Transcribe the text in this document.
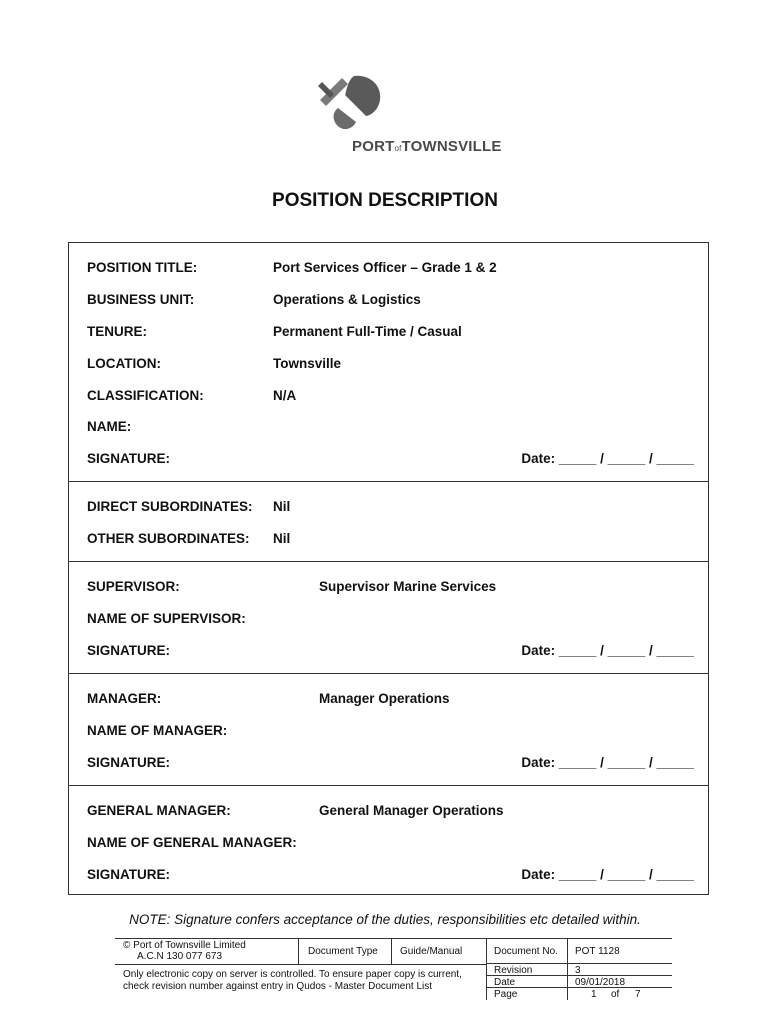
PORTofTOWNSVILLE
POSITION DESCRIPTION
POSITION TITLE:	Port Services Officer – Grade 1 & 2
BUSINESS UNIT:	Operations & Logistics
TENURE:	Permanent Full-Time / Casual
LOCATION:	Townsville
CLASSIFICATION:	N/A
NAME:
SIGNATURE:	Date: _____ / _____ / _____
DIRECT SUBORDINATES: Nil
OTHER SUBORDINATES: Nil
SUPERVISOR:	Supervisor Marine Services
NAME OF SUPERVISOR:
SIGNATURE:	Date: _____ / _____ / _____
MANAGER:	Manager Operations
NAME OF MANAGER:
SIGNATURE:	Date: _____ / _____ / _____
GENERAL MANAGER:	General Manager Operations
NAME OF GENERAL MANAGER:
SIGNATURE:	Date: _____ / _____ / _____
NOTE: Signature confers acceptance of the duties, responsibilities etc detailed within.
© Port of Townsville Limited
A.C.N 130 077 673	Document Type Guide/Manual	Document No. POT 1128
Only electronic copy on server is controlled. To ensure paper copy is current,
check revision number against entry in Qudos - Master Document List
Revision	3
Date	09/01/2018
Page	1 of 7
